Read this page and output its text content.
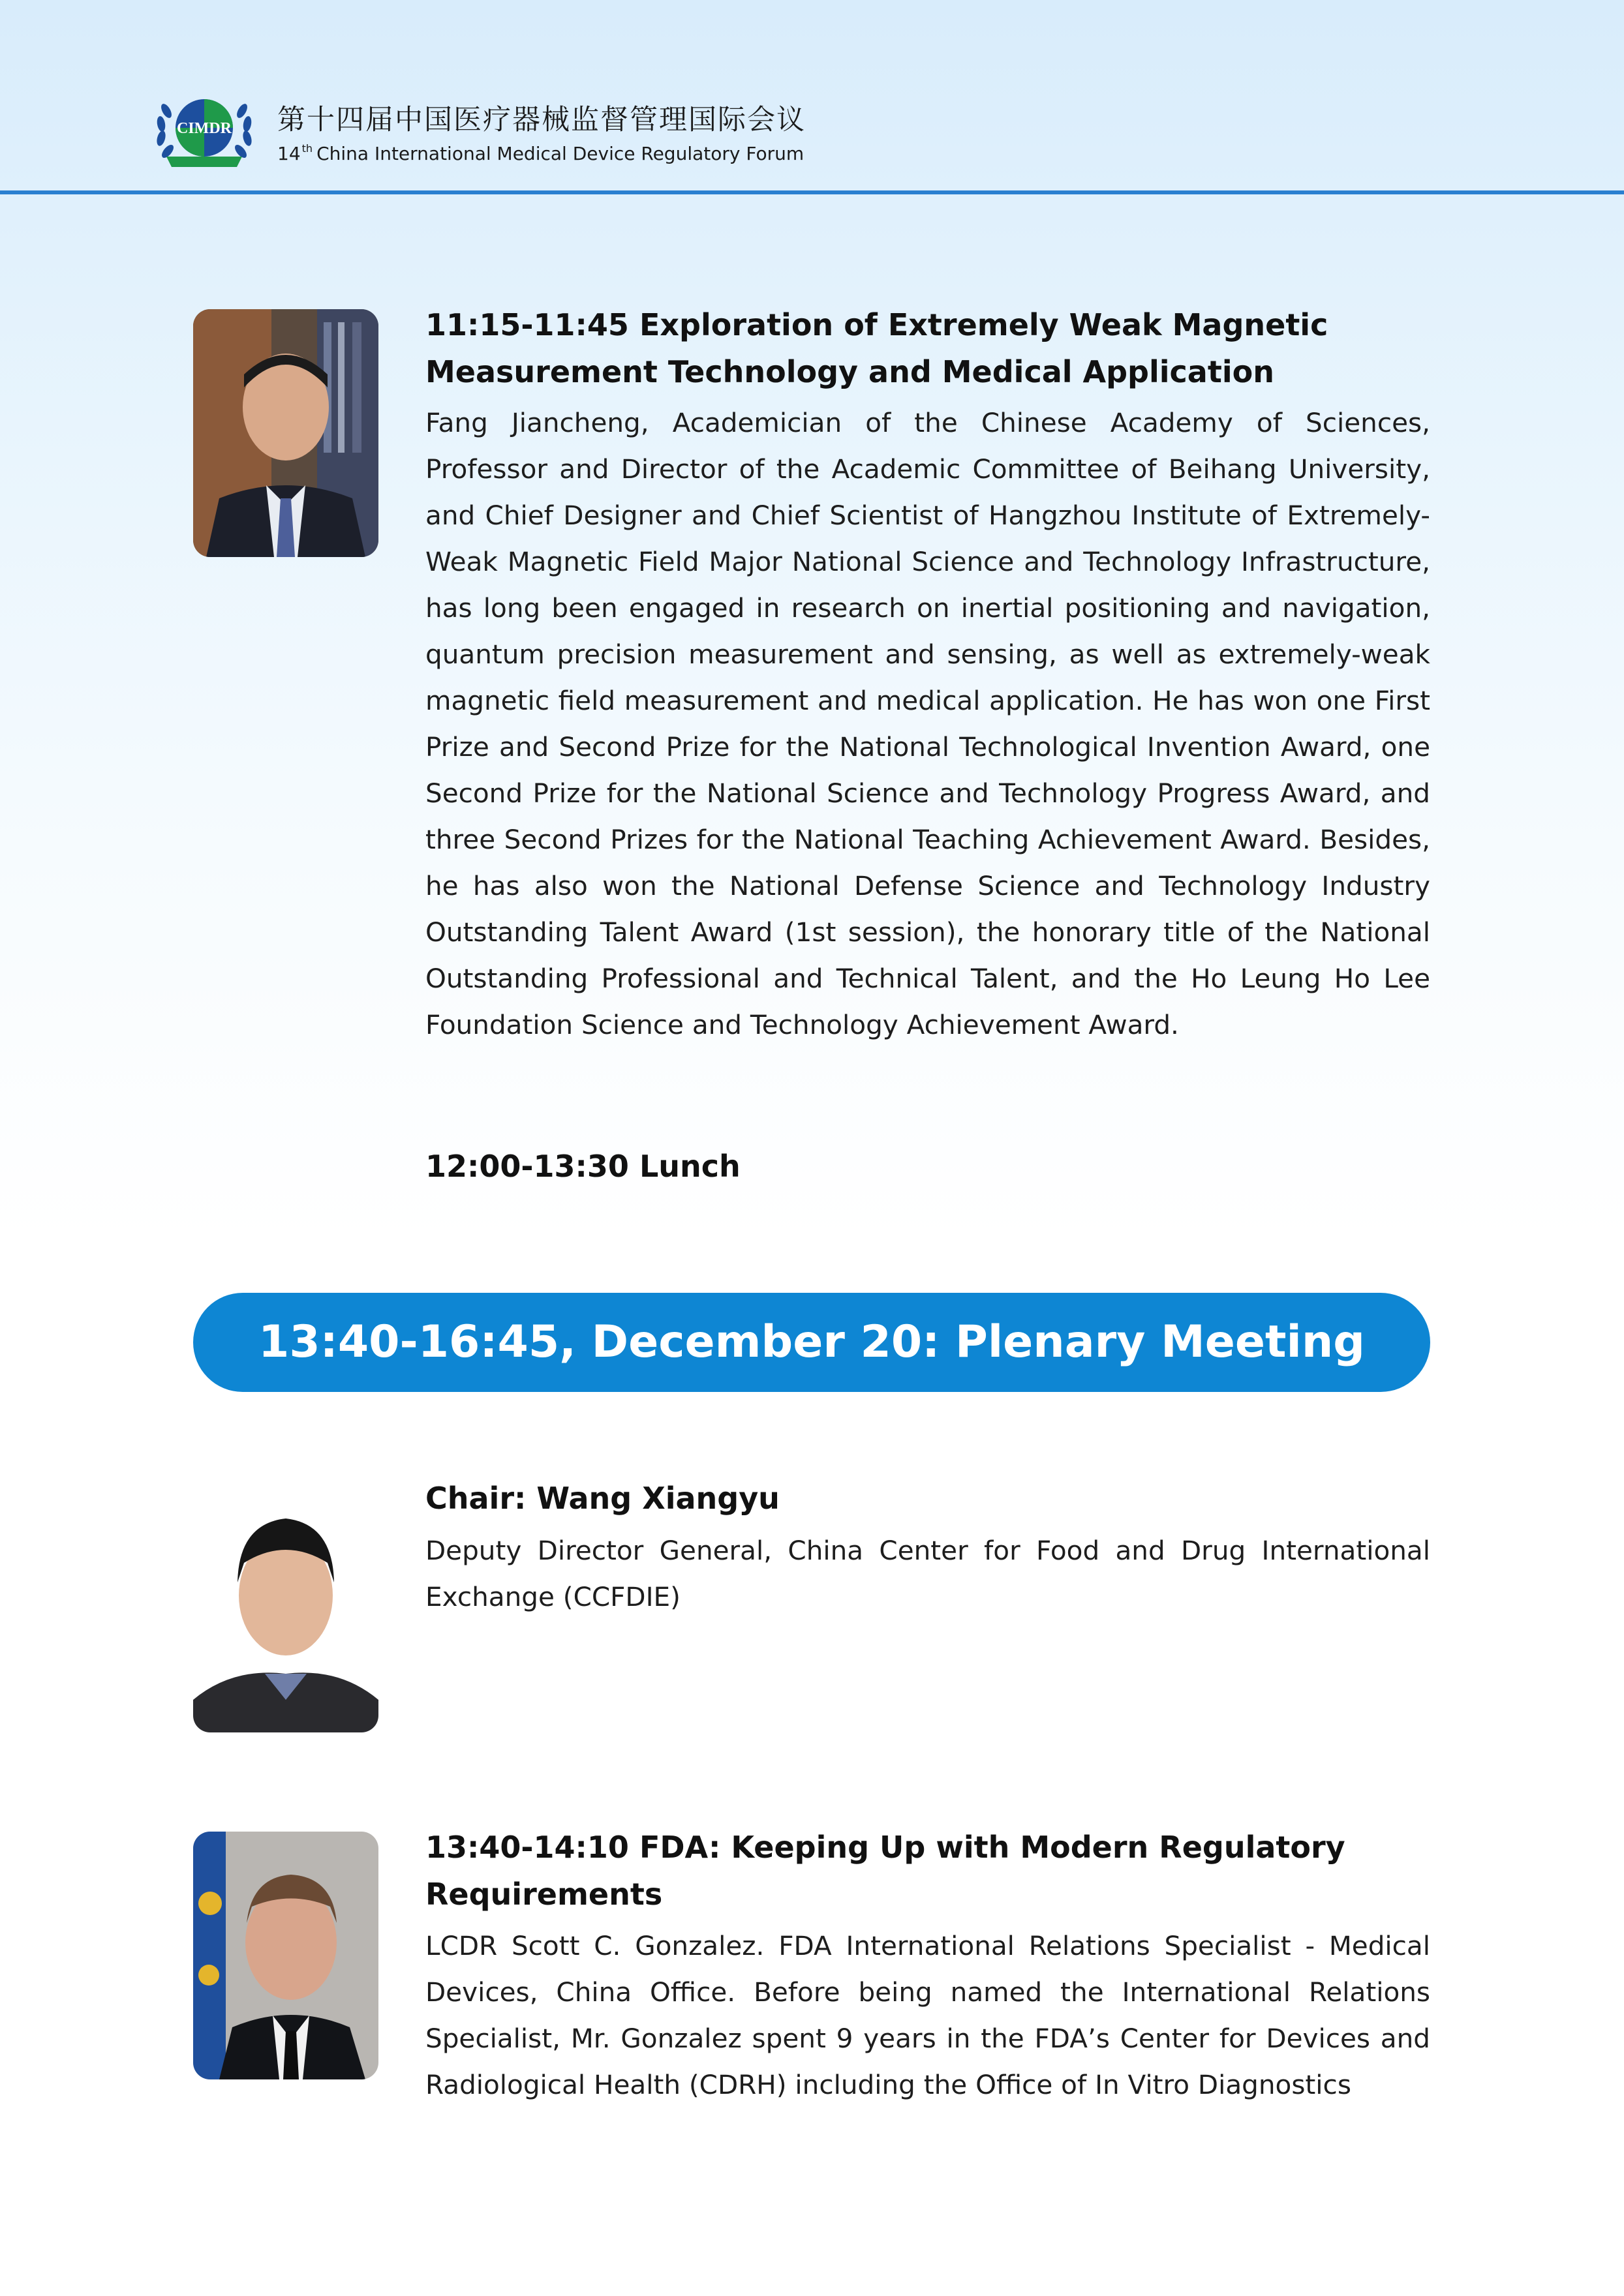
CIMDR 第十四届中国医疗器械监督管理国际会议
14 $^{th}$ China International Medical Device Regulatory Forum
11:15-11:45 Exploration of Extremely Weak Magnetic Measurement Technology and Medical Application
Fang Jiancheng, Academician of the Chinese Academy of Sciences, Professor and Director of the Academic Committee of Beihang University, and Chief Designer and Chief Scientist of Hangzhou Institute of Extremely-Weak Magnetic Field Major National Science and Technology Infrastructure, has long been engaged in research on inertial positioning and navigation, quantum precision measurement and sensing, as well as extremely-weak magnetic field measurement and medical application. He has won one First Prize and Second Prize for the National Technological Invention Award, one Second Prize for the National Science and Technology Progress Award, and three Second Prizes for the National Teaching Achievement Award. Besides, he has also won the National Defense Science and Technology Industry Outstanding Talent Award (1st session), the honorary title of the National Outstanding Professional and Technical Talent, and the Ho Leung Ho Lee Foundation Science and Technology Achievement Award.
12:00-13:30 Lunch
13:40-16:45, December 20: Plenary Meeting
Chair: Wang Xiangyu
Deputy Director General, China Center for Food and Drug International Exchange (CCFDIE)
13:40-14:10 FDA: Keeping Up with Modern Regulatory Requirements
LCDR Scott C. Gonzalez. FDA International Relations Specialist - Medical Devices, China Office. Before being named the International Relations Specialist, Mr. Gonzalez spent 9 years in the FDA’s Center for Devices and Radiological Health (CDRH) including the Office of In Vitro Diagnostics
